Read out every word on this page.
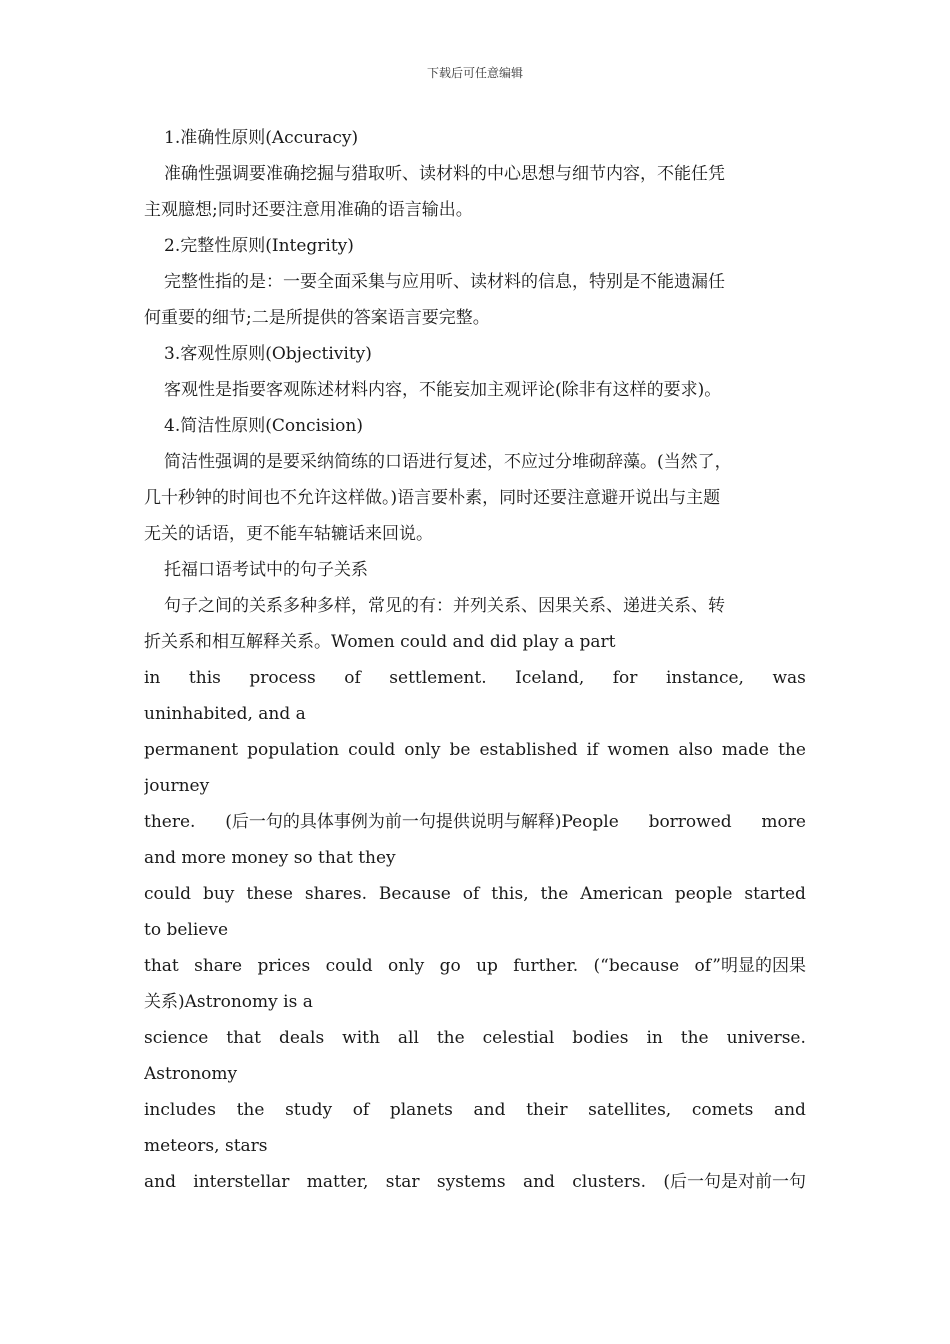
下载后可任意编辑
1.准确性原则(Accuracy)
准确性强调要准确挖掘与猎取听、读材料的中心思想与细节内容，不能任凭
主观臆想;同时还要注意用准确的语言输出。
2.完整性原则(Integrity)
完整性指的是：一要全面采集与应用听、读材料的信息，特别是不能遗漏任
何重要的细节;二是所提供的答案语言要完整。
3.客观性原则(Objectivity)
客观性是指要客观陈述材料内容，不能妄加主观评论(除非有这样的要求)。
4.简洁性原则(Concision)
简洁性强调的是要采纳简练的口语进行复述，不应过分堆砌辞藻。(当然了，
几十秒钟的时间也不允许这样做。)语言要朴素，同时还要注意避开说出与主题
无关的话语，更不能车轱辘话来回说。
托福口语考试中的句子关系
句子之间的关系多种多样，常见的有：并列关系、因果关系、递进关系、转
折关系和相互解释关系。Women could and did play a part
in this process of settlement. Iceland, for instance, was
uninhabited, and a
permanent population could only be established if women also made the
journey
there. (后一句的具体事例为前一句提供说明与解释)People borrowed more
and more money so that they
could buy these shares. Because of this, the American people started
to believe
that share prices could only go up further. (“because of”明显的因果
关系)Astronomy is a
science that deals with all the celestial bodies in the universe.
Astronomy
includes the study of planets and their satellites, comets and
meteors, stars
and interstellar matter, star systems and clusters. (后一句是对前一句
